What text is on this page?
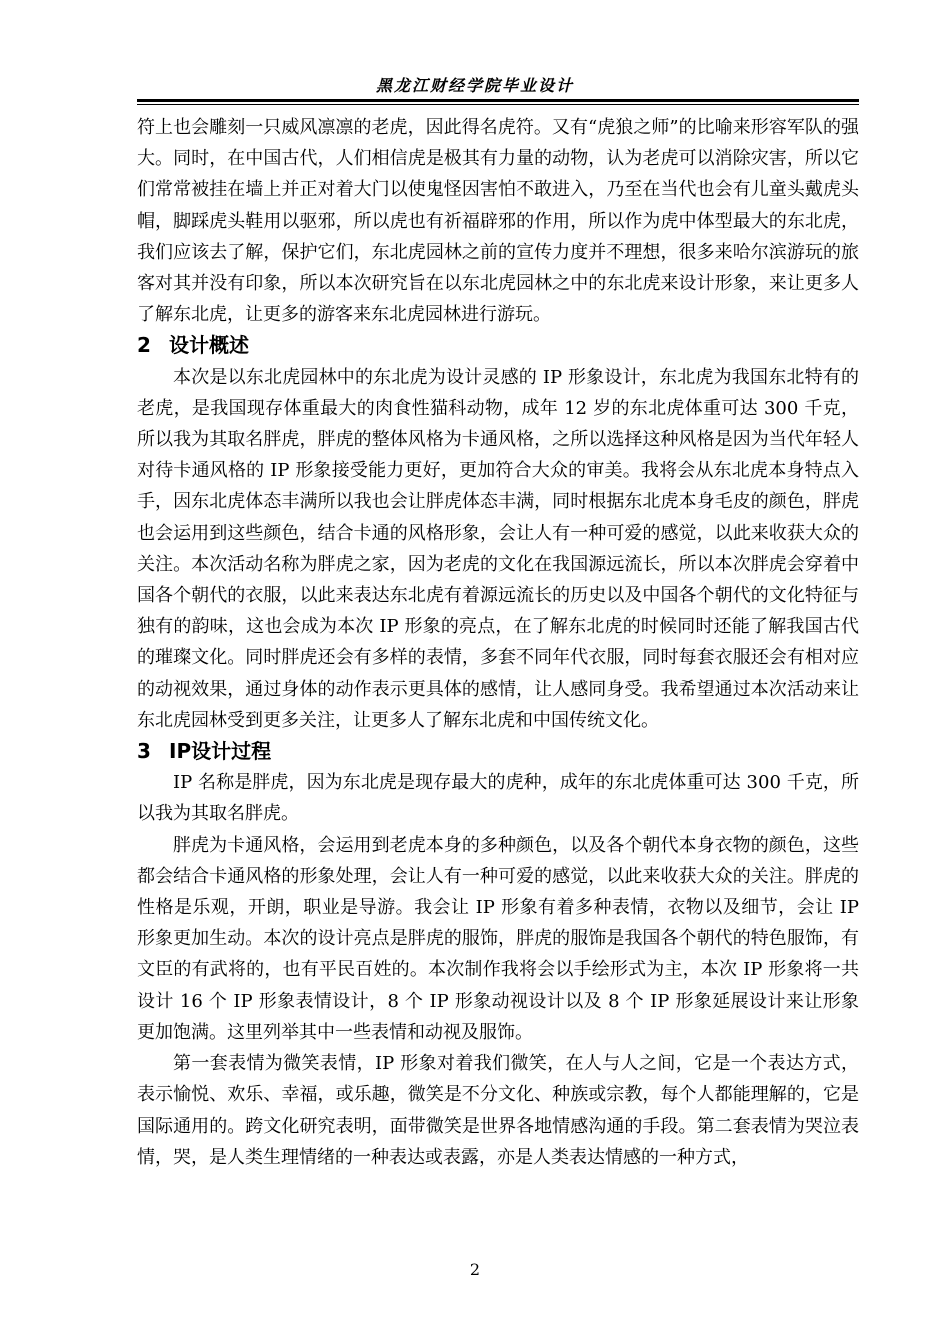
黑龙江财经学院毕业设计

符上也会雕刻一只威风凛凛的老虎，因此得名虎符。又有“虎狼之师”的比喻来形容军队的强大。同时，在中国古代，人们相信虎是极其有力量的动物，认为老虎可以消除灾害，所以它们常常被挂在墙上并正对着大门以使鬼怪因害怕不敢进入，乃至在当代也会有儿童头戴虎头帽，脚踩虎头鞋用以驱邪，所以虎也有祈福辟邪的作用，所以作为虎中体型最大的东北虎，我们应该去了解，保护它们，东北虎园林之前的宣传力度并不理想，很多来哈尔滨游玩的旅客对其并没有印象，所以本次研究旨在以东北虎园林之中的东北虎来设计形象，来让更多人了解东北虎，让更多的游客来东北虎园林进行游玩。

2 设计概述

本次是以东北虎园林中的东北虎为设计灵感的 IP 形象设计，东北虎为我国东北特有的老虎，是我国现存体重最大的肉食性猫科动物，成年 12 岁的东北虎体重可达 300 千克，所以我为其取名胖虎，胖虎的整体风格为卡通风格，之所以选择这种风格是因为当代年轻人对待卡通风格的 IP 形象接受能力更好，更加符合大众的审美。我将会从东北虎本身特点入手，因东北虎体态丰满所以我也会让胖虎体态丰满，同时根据东北虎本身毛皮的颜色，胖虎也会运用到这些颜色，结合卡通的风格形象，会让人有一种可爱的感觉，以此来收获大众的关注。本次活动名称为胖虎之家，因为老虎的文化在我国源远流长，所以本次胖虎会穿着中国各个朝代的衣服，以此来表达东北虎有着源远流长的历史以及中国各个朝代的文化特征与独有的韵味，这也会成为本次 IP 形象的亮点，在了解东北虎的时候同时还能了解我国古代的璀璨文化。同时胖虎还会有多样的表情，多套不同年代衣服，同时每套衣服还会有相对应的动视效果，通过身体的动作表示更具体的感情，让人感同身受。我希望通过本次活动来让东北虎园林受到更多关注，让更多人了解东北虎和中国传统文化。

3 IP设计过程

IP 名称是胖虎，因为东北虎是现存最大的虎种，成年的东北虎体重可达 300 千克，所以我为其取名胖虎。

胖虎为卡通风格，会运用到老虎本身的多种颜色，以及各个朝代本身衣物的颜色，这些都会结合卡通风格的形象处理，会让人有一种可爱的感觉，以此来收获大众的关注。胖虎的性格是乐观，开朗，职业是导游。我会让 IP 形象有着多种表情，衣物以及细节，会让 IP 形象更加生动。本次的设计亮点是胖虎的服饰，胖虎的服饰是我国各个朝代的特色服饰，有文臣的有武将的，也有平民百姓的。本次制作我将会以手绘形式为主，本次 IP 形象将一共设计 16 个 IP 形象表情设计，8 个 IP 形象动视设计以及 8 个 IP 形象延展设计来让形象更加饱满。这里列举其中一些表情和动视及服饰。

第一套表情为微笑表情，IP 形象对着我们微笑，在人与人之间，它是一个表达方式，表示愉悦、欢乐、幸福，或乐趣，微笑是不分文化、种族或宗教，每个人都能理解的，它是国际通用的。跨文化研究表明，面带微笑是世界各地情感沟通的手段。第二套表情为哭泣表情，哭，是人类生理情绪的一种表达或表露，亦是人类表达情感的一种方式，

2
